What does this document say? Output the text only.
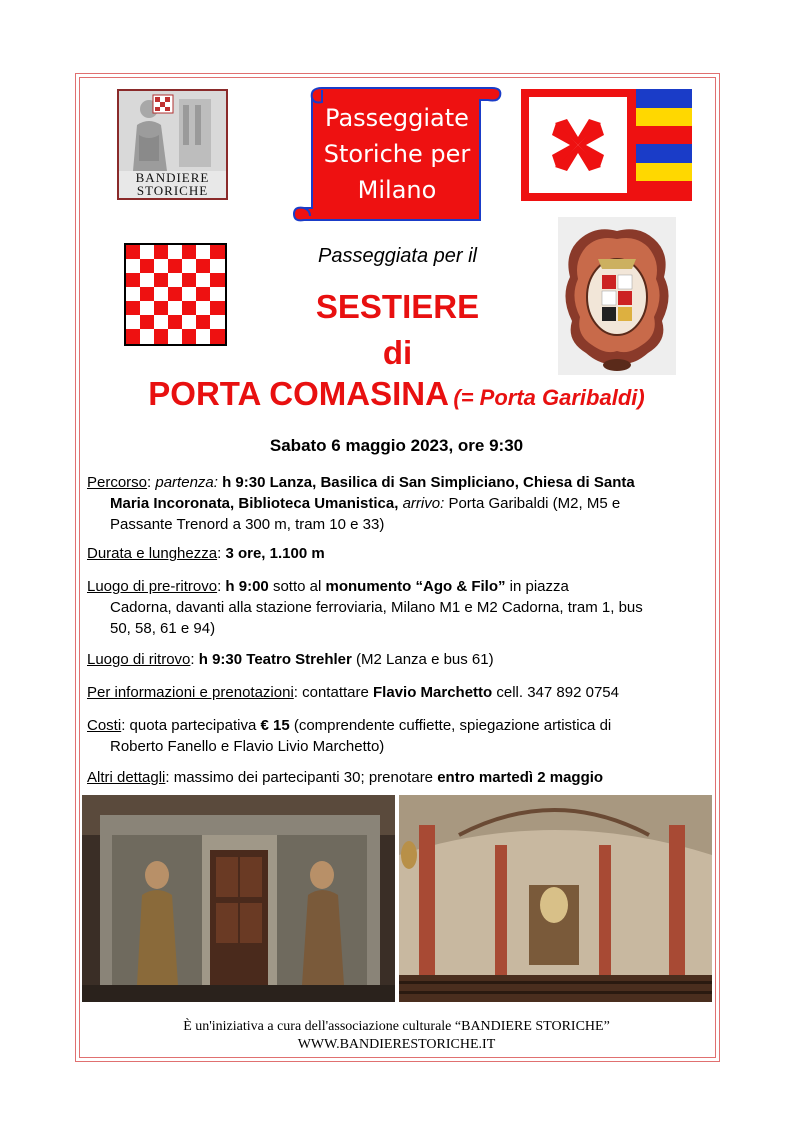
BANDIERE
STORICHE
Passeggiate Storiche per Milano
Passeggiata per il
SESTIERE
di
PORTA COMASINA (= Porta Garibaldi)
Sabato 6 maggio 2023, ore 9:30
Percorso: partenza: h 9:30 Lanza, Basilica di San Simpliciano, Chiesa di Santa
Maria Incoronata, Biblioteca Umanistica, arrivo: Porta Garibaldi (M2, M5 e
Passante Trenord a 300 m, tram 10 e 33)
Durata e lunghezza: 3 ore, 1.100 m
Luogo di pre-ritrovo: h 9:00 sotto al monumento “Ago & Filo” in piazza
Cadorna, davanti alla stazione ferroviaria, Milano M1 e M2 Cadorna, tram 1, bus
50, 58, 61 e 94)
Luogo di ritrovo: h 9:30 Teatro Strehler (M2 Lanza e bus 61)
Per informazioni e prenotazioni: contattare Flavio Marchetto cell. 347 892 0754
Costi: quota partecipativa € 15 (comprendente cuffiette, spiegazione artistica di
Roberto Fanello e Flavio Livio Marchetto)
Altri dettagli: massimo dei partecipanti 30; prenotare entro martedì 2 maggio
È un'iniziativa a cura dell'associazione culturale “BANDIERE STORICHE”
WWW.BANDIERESTORICHE.IT
